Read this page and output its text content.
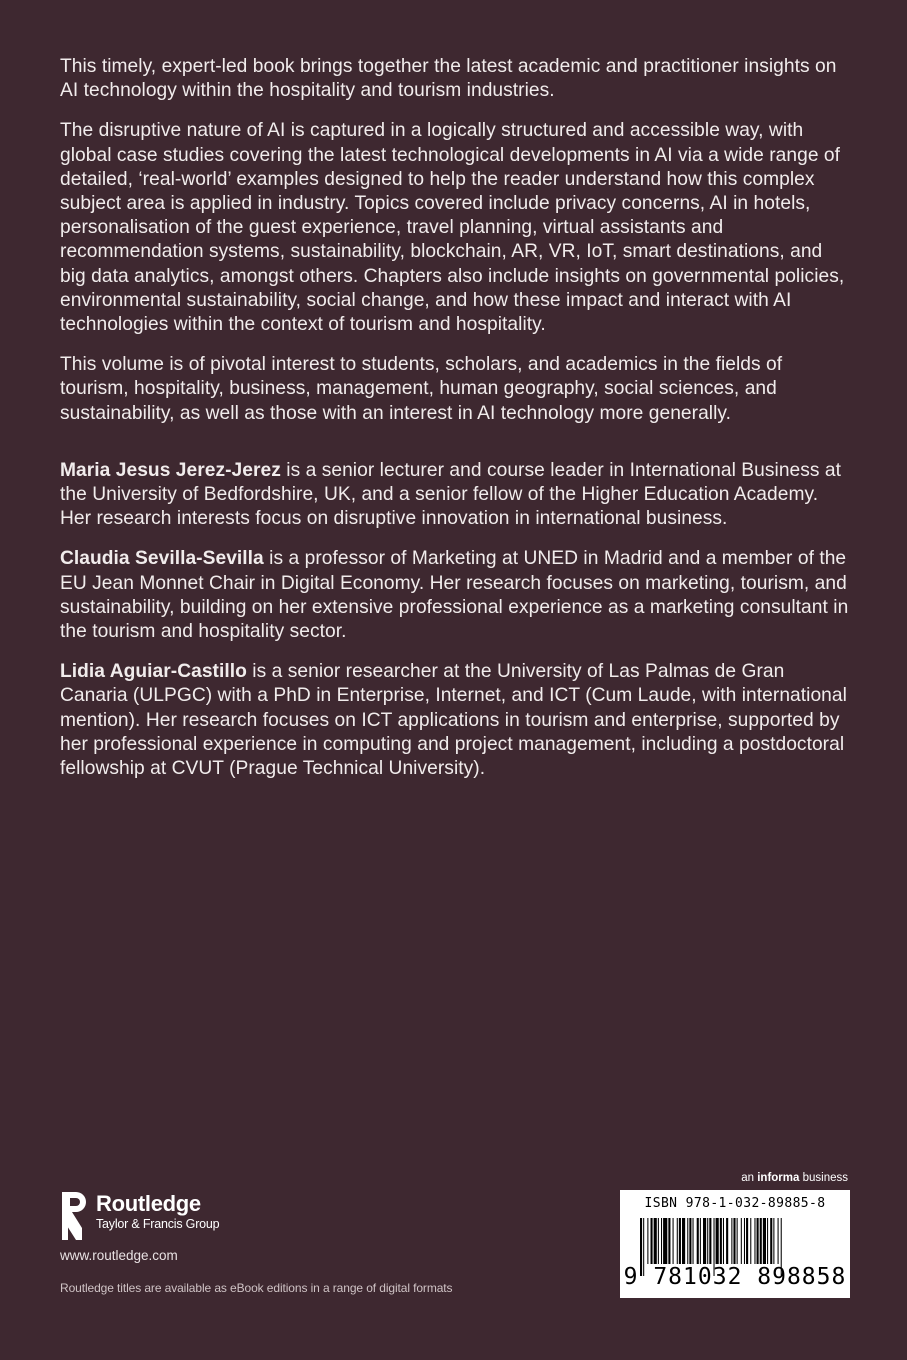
This timely, expert-led book brings together the latest academic and practitioner insights on AI technology within the hospitality and tourism industries.

The disruptive nature of AI is captured in a logically structured and accessible way, with global case studies covering the latest technological developments in AI via a wide range of detailed, ‘real-world’ examples designed to help the reader understand how this complex subject area is applied in industry. Topics covered include privacy concerns, AI in hotels, personalisation of the guest experience, travel planning, virtual assistants and recommendation systems, sustainability, blockchain, AR, VR, IoT, smart destinations, and big data analytics, amongst others. Chapters also include insights on governmental policies, environmental sustainability, social change, and how these impact and interact with AI technologies within the context of tourism and hospitality.

This volume is of pivotal interest to students, scholars, and academics in the fields of tourism, hospitality, business, management, human geography, social sciences, and sustainability, as well as those with an interest in AI technology more generally.

Maria Jesus Jerez-Jerez is a senior lecturer and course leader in International Business at the University of Bedfordshire, UK, and a senior fellow of the Higher Education Academy. Her research interests focus on disruptive innovation in international business.

Claudia Sevilla-Sevilla is a professor of Marketing at UNED in Madrid and a member of the EU Jean Monnet Chair in Digital Economy. Her research focuses on marketing, tourism, and sustainability, building on her extensive professional experience as a marketing consultant in the tourism and hospitality sector.

Lidia Aguiar-Castillo is a senior researcher at the University of Las Palmas de Gran Canaria (ULPGC) with a PhD in Enterprise, Internet, and ICT (Cum Laude, with international mention). Her research focuses on ICT applications in tourism and enterprise, supported by her professional experience in computing and project management, including a postdoctoral fellowship at CVUT (Prague Technical University).

Routledge
Taylor & Francis Group
www.routledge.com
Routledge titles are available as eBook editions in a range of digital formats
an informa business
ISBN 978-1-032-89885-8
9 781032 898858
